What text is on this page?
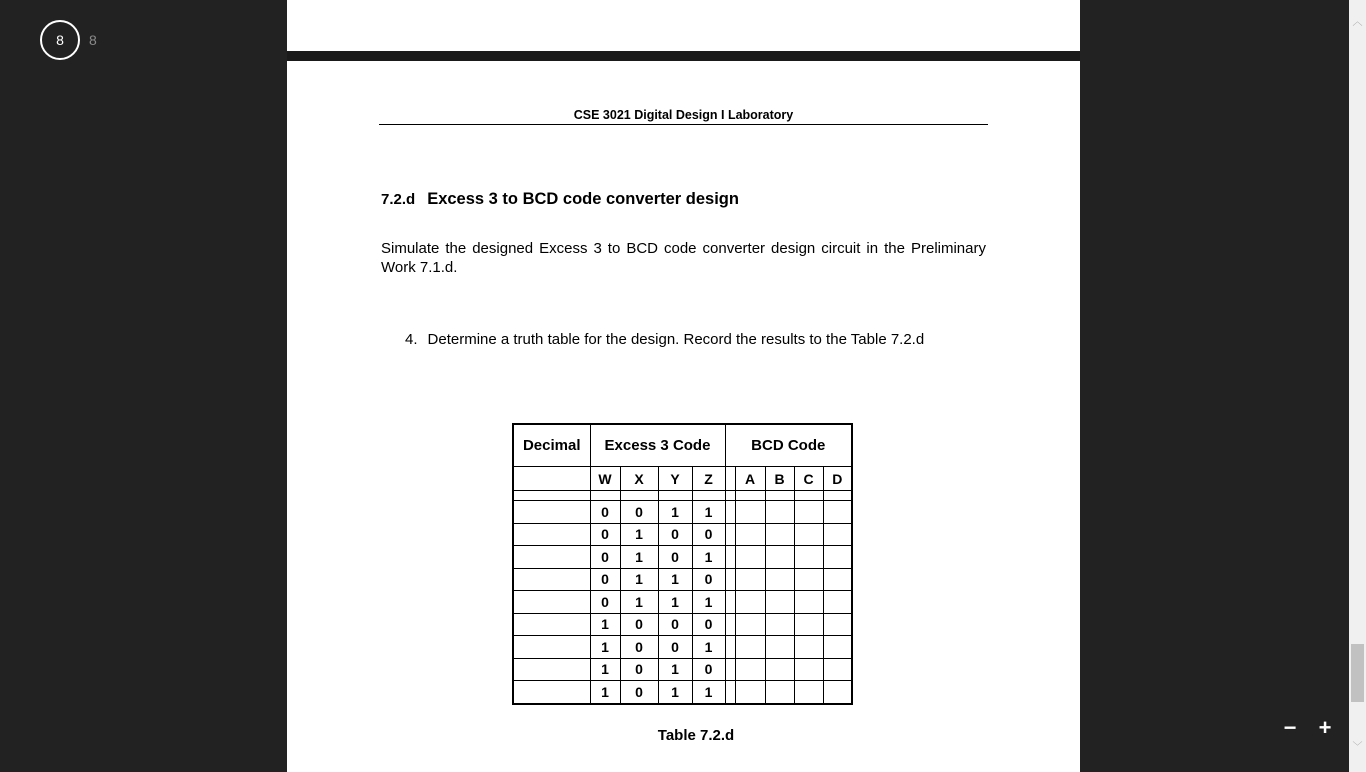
8	8
CSE 3021 Digital Design I Laboratory
7.2.d Excess 3 to BCD code converter design
Simulate the designed Excess 3 to BCD code converter design circuit in the Preliminary Work 7.1.d.
4. Determine a truth table for the design. Record the results to the Table 7.2.d
Decimal	Excess 3 Code				BCD Code				
	W	X	Y	Z		A	B	C	D

	0	0	1	1					
	0	1	0	0					
	0	1	0	1					
	0	1	1	0					
	0	1	1	1					
	1	0	0	0					
	1	0	0	1					
	1	0	1	0					
	1	0	1	1					
Table 7.2.d	− +
︿
﹀
